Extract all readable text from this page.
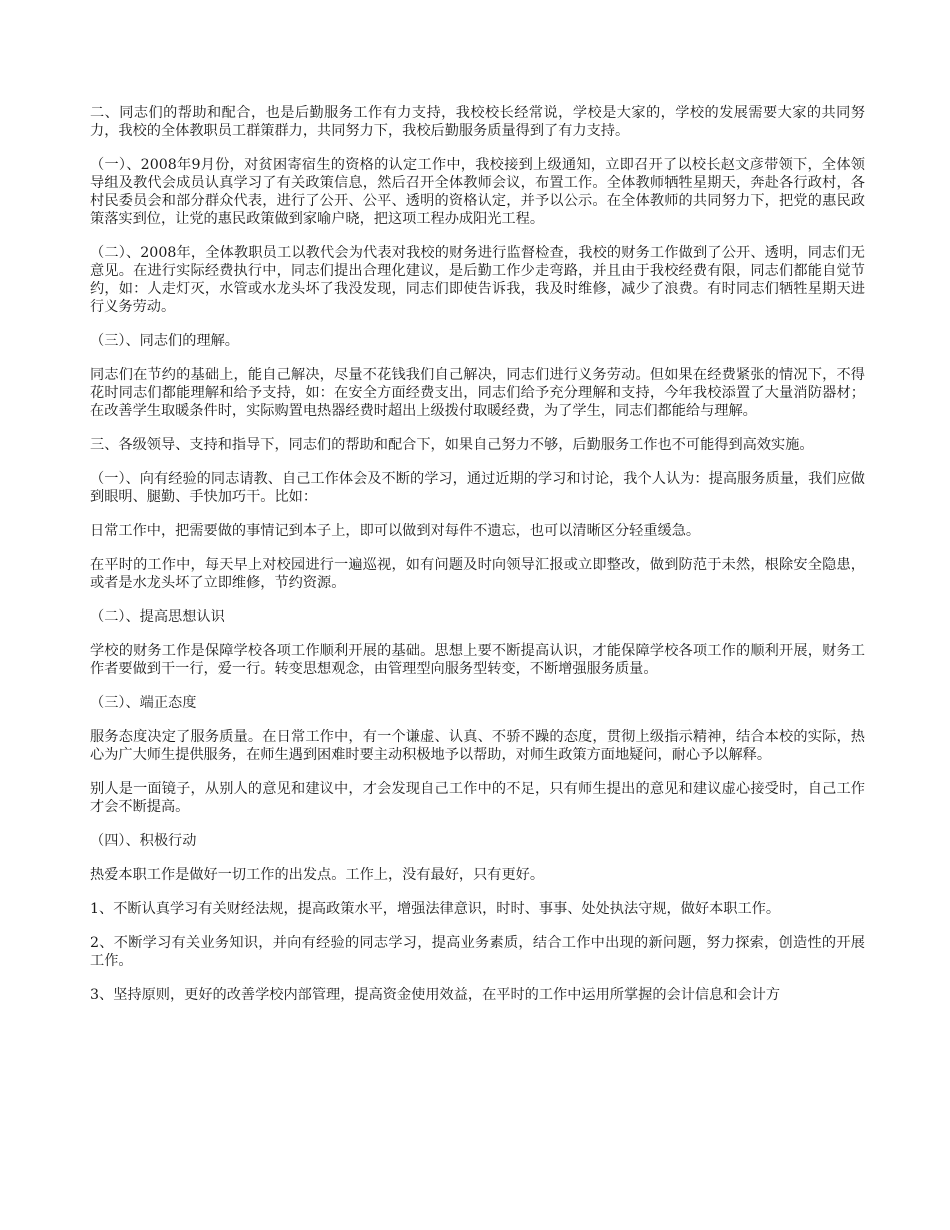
二、同志们的帮助和配合，也是后勤服务工作有力支持，我校校长经常说，学校是大家的，学校的发展需要大家的共同努力，我校的全体教职员工群策群力，共同努力下，我校后勤服务质量得到了有力支持。

（一）、2008年9月份，对贫困寄宿生的资格的认定工作中，我校接到上级通知，立即召开了以校长赵文彦带领下，全体领导组及教代会成员认真学习了有关政策信息，然后召开全体教师会议，布置工作。全体教师牺牲星期天，奔赴各行政村，各村民委员会和部分群众代表，进行了公开、公平、透明的资格认定，并予以公示。在全体教师的共同努力下，把党的惠民政策落实到位，让党的惠民政策做到家喻户晓，把这项工程办成阳光工程。

（二）、2008年，全体教职员工以教代会为代表对我校的财务进行监督检查，我校的财务工作做到了公开、透明，同志们无意见。在进行实际经费执行中，同志们提出合理化建议，是后勤工作少走弯路，并且由于我校经费有限，同志们都能自觉节约，如：人走灯灭，水管或水龙头坏了我没发现，同志们即使告诉我，我及时维修，减少了浪费。有时同志们牺牲星期天进行义务劳动。

（三）、同志们的理解。

同志们在节约的基础上，能自己解决，尽量不花钱我们自己解决，同志们进行义务劳动。但如果在经费紧张的情况下，不得花时同志们都能理解和给予支持，如：在安全方面经费支出，同志们给予充分理解和支持，今年我校添置了大量消防器材；在改善学生取暖条件时，实际购置电热器经费时超出上级拨付取暖经费，为了学生，同志们都能给与理解。

三、各级领导、支持和指导下，同志们的帮助和配合下，如果自己努力不够，后勤服务工作也不可能得到高效实施。

（一）、向有经验的同志请教、自己工作体会及不断的学习，通过近期的学习和讨论，我个人认为：提高服务质量，我们应做到眼明、腿勤、手快加巧干。比如：

日常工作中，把需要做的事情记到本子上，即可以做到对每件不遗忘，也可以清晰区分轻重缓急。

在平时的工作中，每天早上对校园进行一遍巡视，如有问题及时向领导汇报或立即整改，做到防范于未然，根除安全隐患，或者是水龙头坏了立即维修，节约资源。

（二）、提高思想认识

学校的财务工作是保障学校各项工作顺利开展的基础。思想上要不断提高认识，才能保障学校各项工作的顺利开展，财务工作者要做到干一行，爱一行。转变思想观念，由管理型向服务型转变，不断增强服务质量。

（三）、端正态度

服务态度决定了服务质量。在日常工作中，有一个谦虚、认真、不骄不躁的态度，贯彻上级指示精神，结合本校的实际，热心为广大师生提供服务，在师生遇到困难时要主动积极地予以帮助，对师生政策方面地疑问，耐心予以解释。

别人是一面镜子，从别人的意见和建议中，才会发现自己工作中的不足，只有师生提出的意见和建议虚心接受时，自己工作才会不断提高。

（四）、积极行动

热爱本职工作是做好一切工作的出发点。工作上，没有最好，只有更好。

1、不断认真学习有关财经法规，提高政策水平，增强法律意识，时时、事事、处处执法守规，做好本职工作。

2、不断学习有关业务知识，并向有经验的同志学习，提高业务素质，结合工作中出现的新问题，努力探索，创造性的开展工作。

3、坚持原则，更好的改善学校内部管理，提高资金使用效益，在平时的工作中运用所掌握的会计信息和会计方
